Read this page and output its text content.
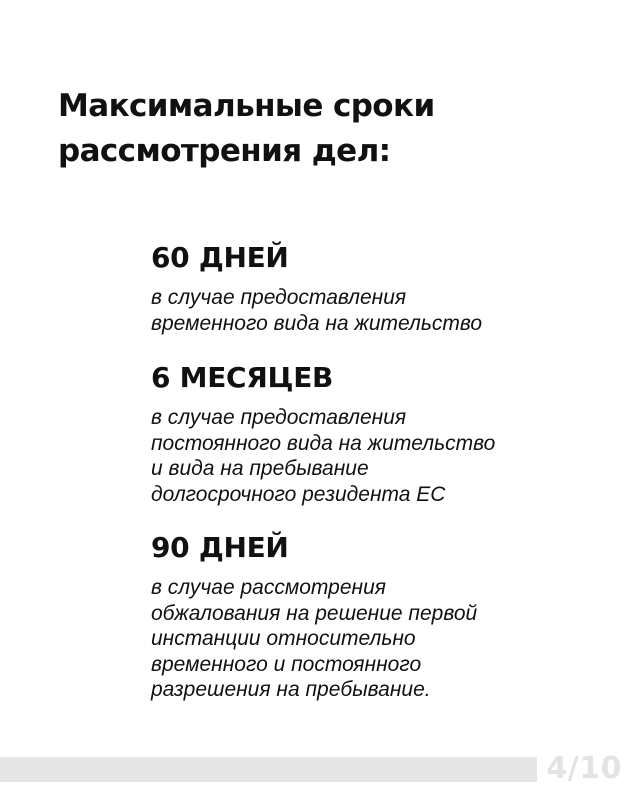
Максимальные сроки
рассмотрения дел:
60 ДНЕЙ

в случае предоставления
временного вида на жительство

6 МЕСЯЦЕВ

в случае предоставления
постоянного вида на жительство
и вида на пребывание
долгосрочного резидента ЕС

90 ДНЕЙ

в случае рассмотрения
обжалования на решение первой
инстанции относительно
временного и постоянного
разрешения на пребывание.

4/10
